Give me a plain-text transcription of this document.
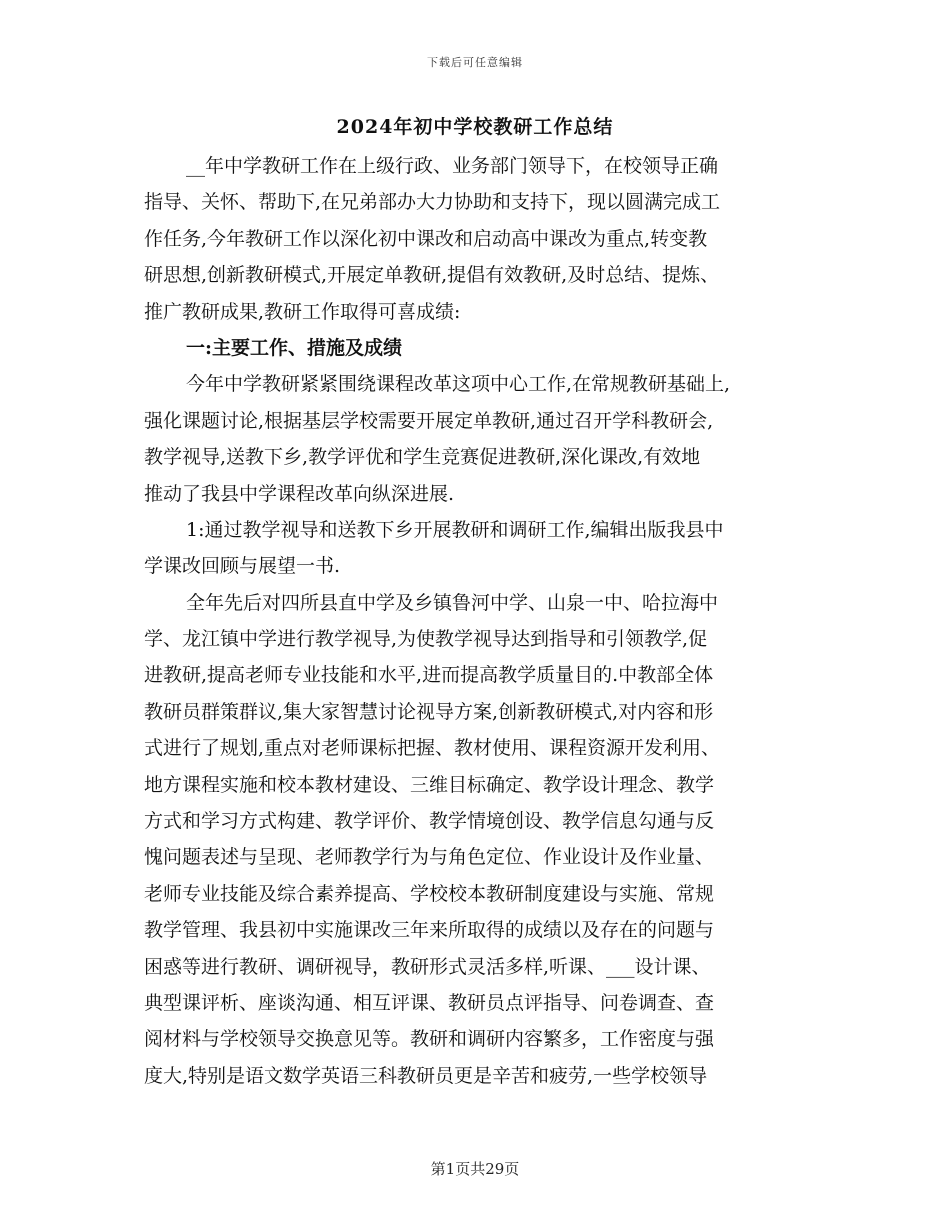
下载后可任意编辑
2024年初中学校教研工作总结
__年中学教研工作在上级行政、业务部门领导下，在校领导正确
指导、关怀、帮助下,在兄弟部办大力协助和支持下，现以圆满完成工
作任务,今年教研工作以深化初中课改和启动高中课改为重点,转变教
研思想,创新教研模式,开展定单教研,提倡有效教研,及时总结、提炼、
推广教研成果,教研工作取得可喜成绩:
一:主要工作、措施及成绩
今年中学教研紧紧围绕课程改革这项中心工作,在常规教研基础上,
强化课题讨论,根据基层学校需要开展定单教研,通过召开学科教研会,
教学视导,送教下乡,教学评优和学生竞赛促进教研,深化课改,有效地
推动了我县中学课程改革向纵深进展.
1:通过教学视导和送教下乡开展教研和调研工作,编辑出版我县中
学课改回顾与展望一书.
全年先后对四所县直中学及乡镇鲁河中学、山泉一中、哈拉海中
学、龙江镇中学进行教学视导,为使教学视导达到指导和引领教学,促
进教研,提高老师专业技能和水平,进而提高教学质量目的.中教部全体
教研员群策群议,集大家智慧讨论视导方案,创新教研模式,对内容和形
式进行了规划,重点对老师课标把握、教材使用、课程资源开发利用、
地方课程实施和校本教材建设、三维目标确定、教学设计理念、教学
方式和学习方式构建、教学评价、教学情境创设、教学信息勾通与反
愧问题表述与呈现、老师教学行为与角色定位、作业设计及作业量、
老师专业技能及综合素养提高、学校校本教研制度建设与实施、常规
教学管理、我县初中实施课改三年来所取得的成绩以及存在的问题与
困惑等进行教研、调研视导，教研形式灵活多样,听课、___设计课、
典型课评析、座谈沟通、相互评课、教研员点评指导、问卷调查、查
阅材料与学校领导交换意见等。教研和调研内容繁多，工作密度与强
度大,特别是语文数学英语三科教研员更是辛苦和疲劳,一些学校领导
第1页共29页
